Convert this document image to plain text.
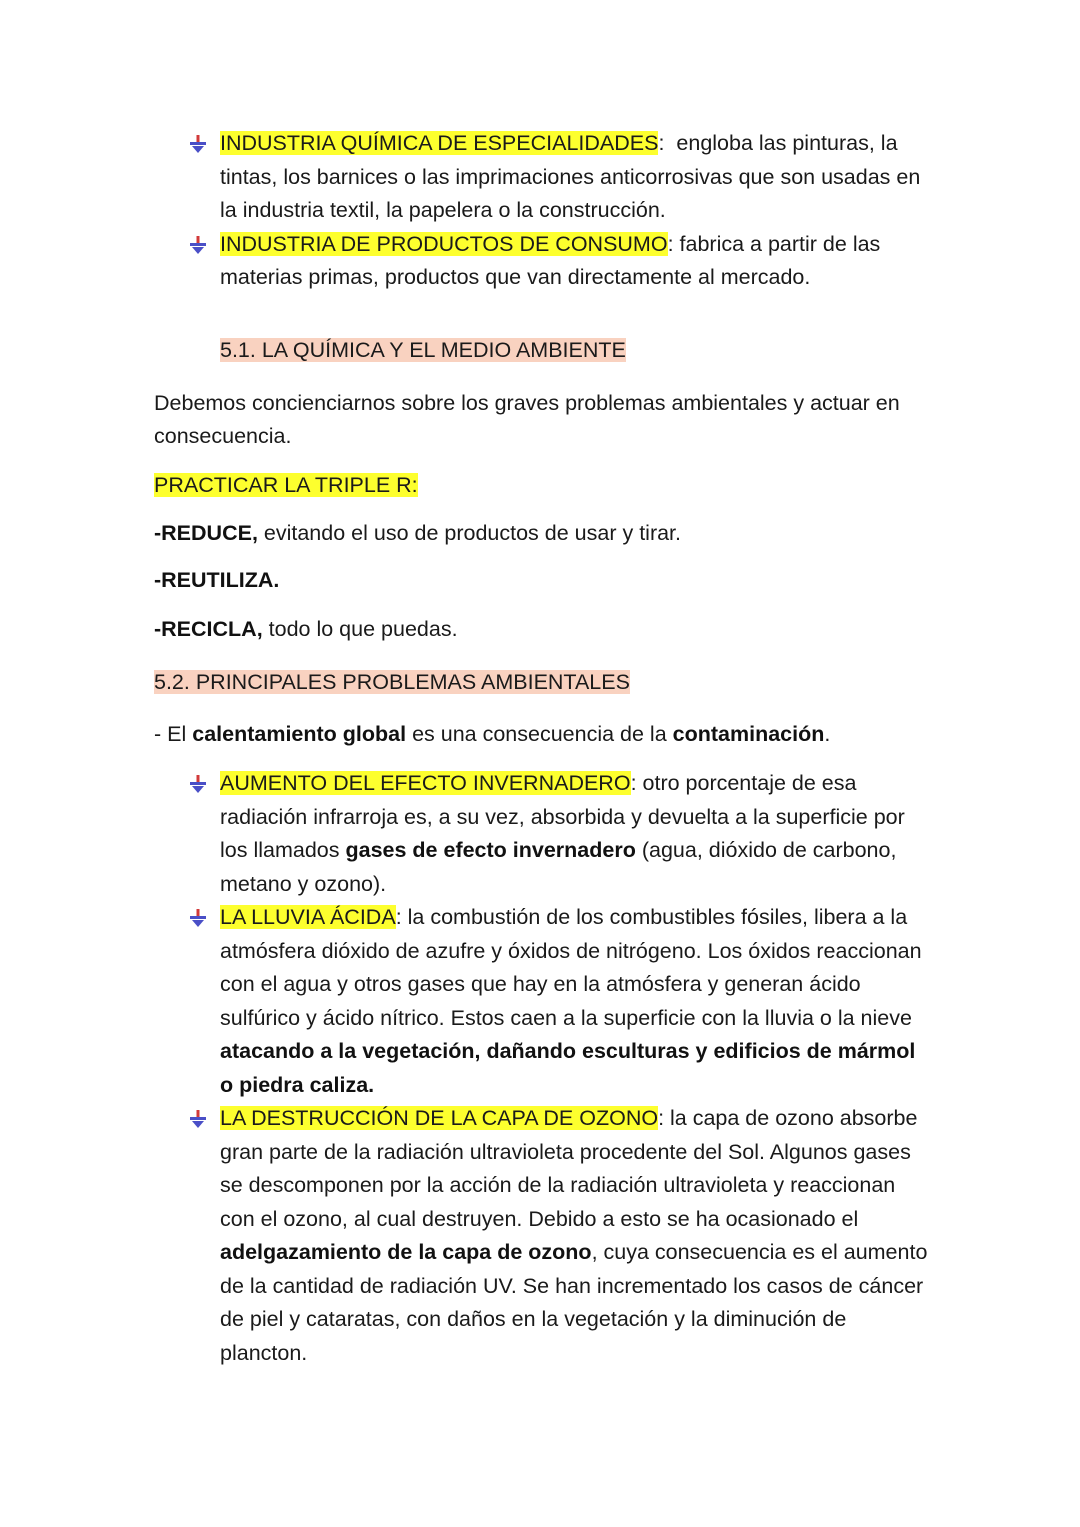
INDUSTRIA QUÍMICA DE ESPECIALIDADES:  engloba las pinturas, la tintas, los barnices o las imprimaciones anticorrosivas que son usadas en la industria textil, la papelera o la construcción.
INDUSTRIA DE PRODUCTOS DE CONSUMO: fabrica a partir de las materias primas, productos que van directamente al mercado.
5.1. LA QUÍMICA Y EL MEDIO AMBIENTE
Debemos concienciarnos sobre los graves problemas ambientales y actuar en consecuencia.
PRACTICAR LA TRIPLE R:
-REDUCE, evitando el uso de productos de usar y tirar.
-REUTILIZA.
-RECICLA, todo lo que puedas.
5.2. PRINCIPALES PROBLEMAS AMBIENTALES
- El calentamiento global es una consecuencia de la contaminación.
AUMENTO DEL EFECTO INVERNADERO: otro porcentaje de esa radiación infrarroja es, a su vez, absorbida y devuelta a la superficie por los llamados gases de efecto invernadero (agua, dióxido de carbono, metano y ozono).
LA LLUVIA ÁCIDA: la combustión de los combustibles fósiles, libera a la atmósfera dióxido de azufre y óxidos de nitrógeno. Los óxidos reaccionan con el agua y otros gases que hay en la atmósfera y generan ácido sulfúrico y ácido nítrico. Estos caen a la superficie con la lluvia o la nieve atacando a la vegetación, dañando esculturas y edificios de mármol o piedra caliza.
LA DESTRUCCIÓN DE LA CAPA DE OZONO: la capa de ozono absorbe gran parte de la radiación ultravioleta procedente del Sol. Algunos gases se descomponen por la acción de la radiación ultravioleta y reaccionan con el ozono, al cual destruyen. Debido a esto se ha ocasionado el adelgazamiento de la capa de ozono, cuya consecuencia es el aumento de la cantidad de radiación UV. Se han incrementado los casos de cáncer de piel y cataratas, con daños en la vegetación y la diminución de plancton.
